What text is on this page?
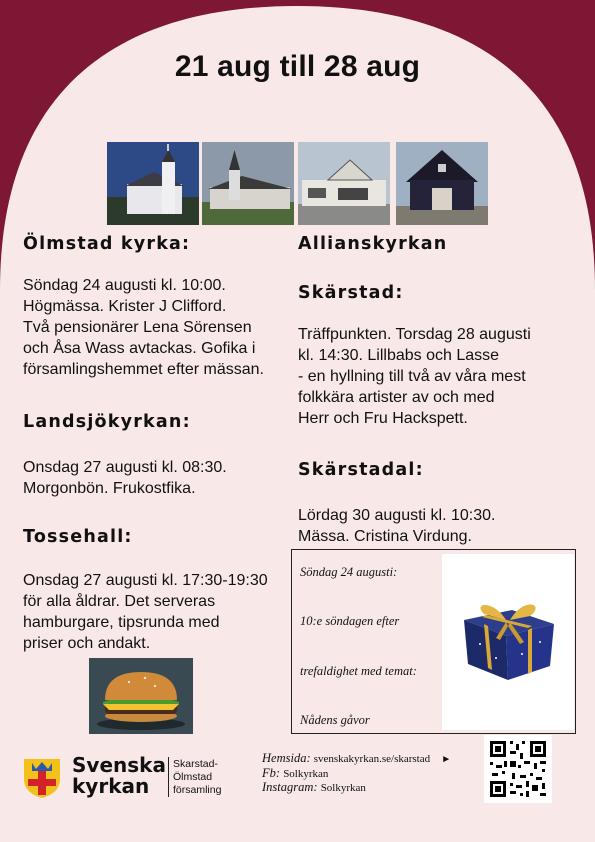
21 aug till 28 aug
Ölmstad kyrka:
Söndag 24 augusti kl. 10:00.
Högmässa. Krister J Clifford.
Två pensionärer Lena Sörensen
och Åsa Wass avtackas. Gofika i
församlingshemmet efter mässan.
Landsjökyrkan:
Onsdag 27 augusti kl. 08:30.
Morgonbön. Frukostfika.
Tossehall:
Onsdag 27 augusti kl. 17:30-19:30
för alla åldrar. Det serveras
hamburgare, tipsrunda med
priser och andakt.
Allianskyrkan
Skärstad:
Träffpunkten. Torsdag 28 augusti
kl. 14:30. Lillbabs och Lasse
- en hyllning till två av våra mest
folkkära artister av och med
Herr och Fru Hackspett.
Skärstadal:
Lördag 30 augusti kl. 10:30.
Mässa. Cristina Virdung.
Söndag 24 augusti:
10:e söndagen efter
trefaldighet med temat:
Nådens gåvor
Svenska
kyrkan
Skarstad-
Ölmstad
församling
Hemsida: svenskakyrkan.se/skarstad ►
Fb: Solkyrkan
Instagram: Solkyrkan
